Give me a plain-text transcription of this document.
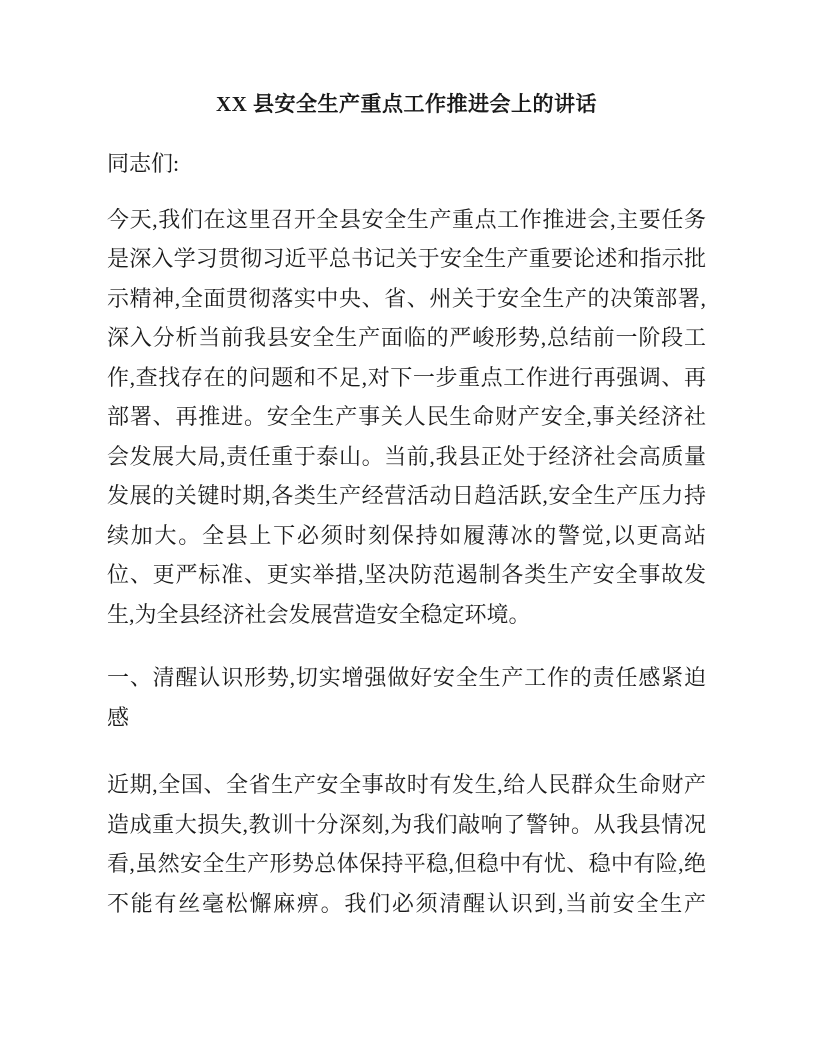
XX 县安全生产重点工作推进会上的讲话

同志们:

今天,我们在这里召开全县安全生产重点工作推进会,主要任务是深入学习贯彻习近平总书记关于安全生产重要论述和指示批示精神,全面贯彻落实中央、省、州关于安全生产的决策部署,深入分析当前我县安全生产面临的严峻形势,总结前一阶段工作,查找存在的问题和不足,对下一步重点工作进行再强调、再部署、再推进。安全生产事关人民生命财产安全,事关经济社会发展大局,责任重于泰山。当前,我县正处于经济社会高质量发展的关键时期,各类生产经营活动日趋活跃,安全生产压力持续加大。全县上下必须时刻保持如履薄冰的警觉,以更高站位、更严标准、更实举措,坚决防范遏制各类生产安全事故发生,为全县经济社会发展营造安全稳定环境。

一、清醒认识形势,切实增强做好安全生产工作的责任感紧迫感

近期,全国、全省生产安全事故时有发生,给人民群众生命财产造成重大损失,教训十分深刻,为我们敲响了警钟。从我县情况看,虽然安全生产形势总体保持平稳,但稳中有忧、稳中有险,绝不能有丝毫松懈麻痹。我们必须清醒认识到,当前安全生产
